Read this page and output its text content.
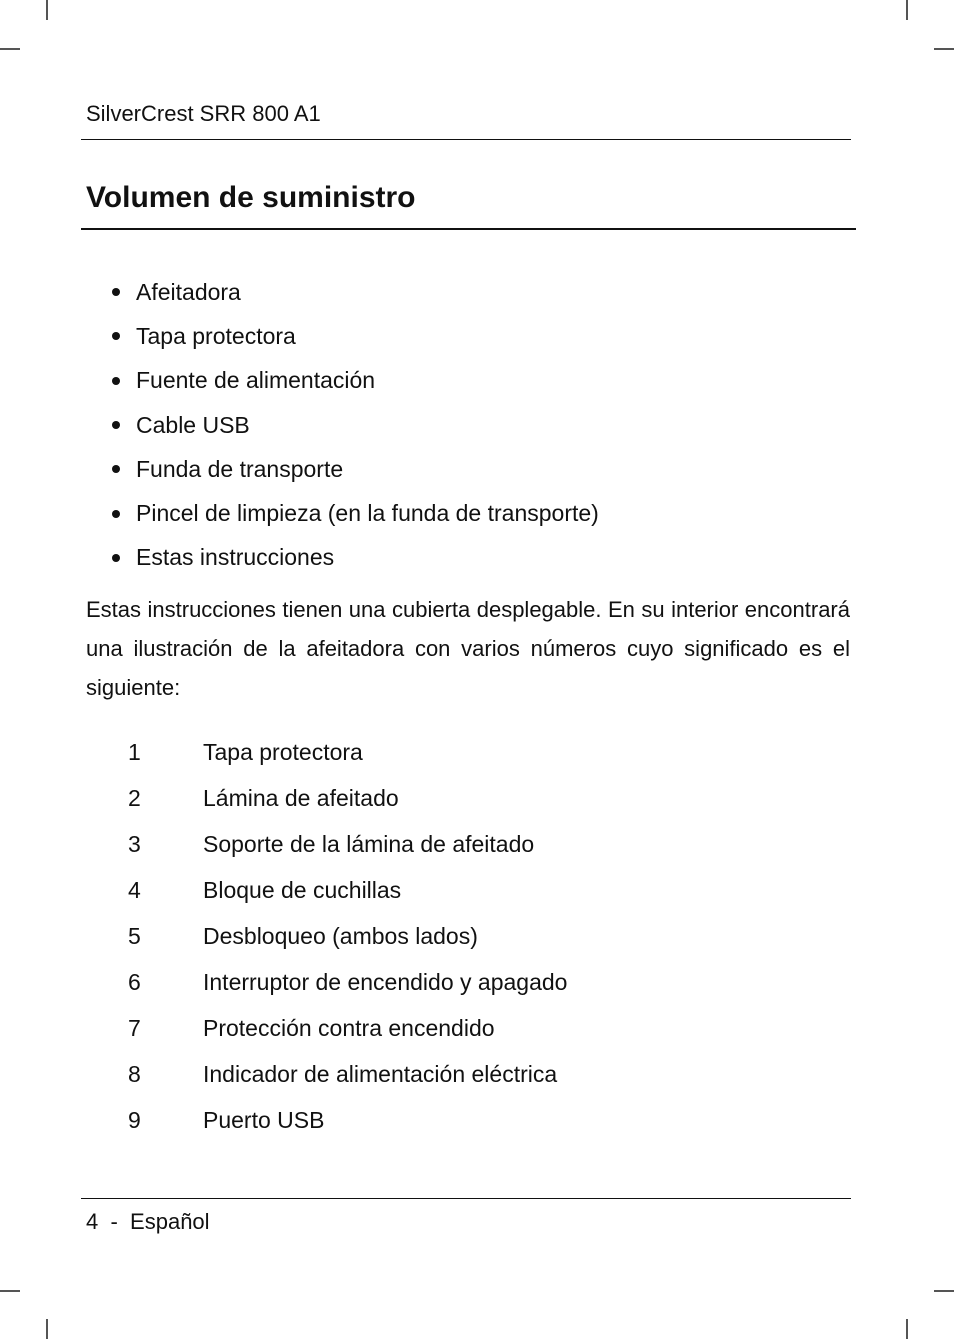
SilverCrest SRR 800 A1
Volumen de suministro
Afeitadora
Tapa protectora
Fuente de alimentación
Cable USB
Funda de transporte
Pincel de limpieza (en la funda de transporte)
Estas instrucciones

Estas instrucciones tienen una cubierta desplegable. En su interior encontrará una ilustración de la afeitadora con varios números cuyo significado es el siguiente:

1	Tapa protectora
2	Lámina de afeitado
3	Soporte de la lámina de afeitado
4	Bloque de cuchillas
5	Desbloqueo (ambos lados)
6	Interruptor de encendido y apagado
7	Protección contra encendido
8	Indicador de alimentación eléctrica
9	Puerto USB
4 - Español
